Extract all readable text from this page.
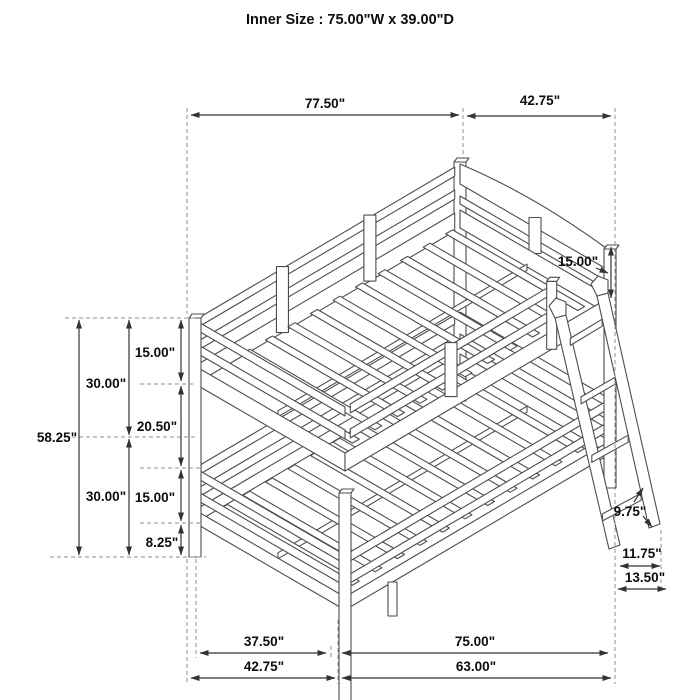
Inner Size : 75.00"W x 39.00"D
77.50"	42.75"
15.00"
58.25"
30.00"
30.00"
15.00"
20.50"
15.00"
8.25"
37.50"	75.00"
42.75"	63.00"
9.75"
11.75"
13.50"
